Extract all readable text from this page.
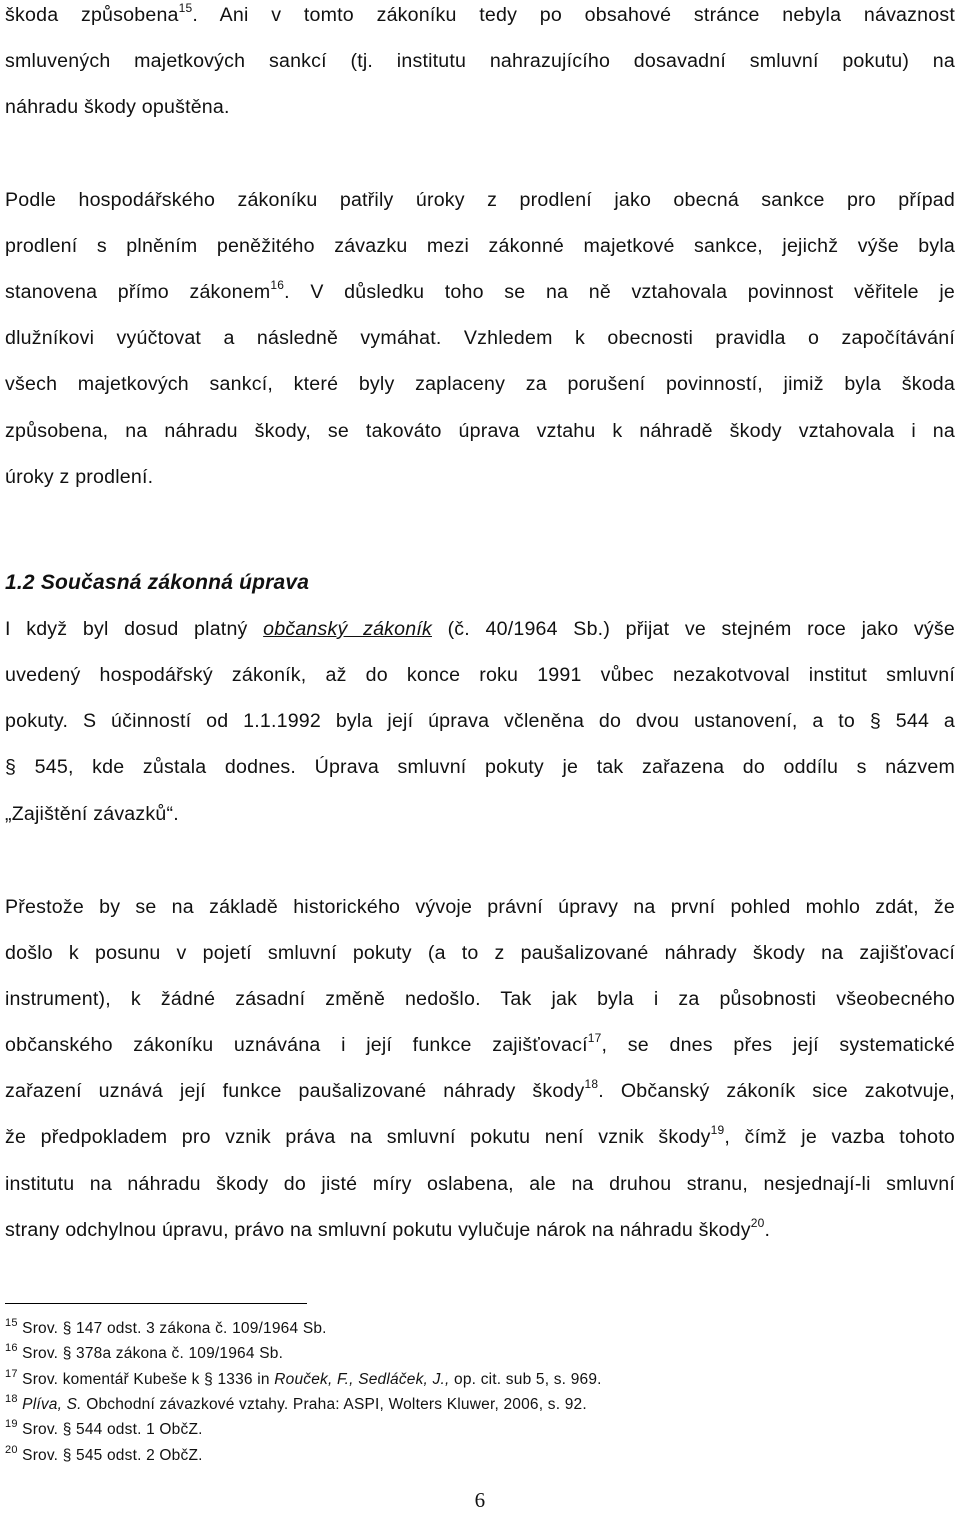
škoda způsobena$^{15}$. Ani v tomto zákoníku tedy po obsahové stránce nebyla návaznost
smluvených majetkových sankcí (tj. institutu nahrazujícího dosavadní smluvní pokutu) na
náhradu škody opuštěna.
Podle hospodářského zákoníku patřily úroky z prodlení jako obecná sankce pro případ
prodlení s plněním peněžitého závazku mezi zákonné majetkové sankce, jejichž výše byla
stanovena přímo zákonem$^{16}$. V důsledku toho se na ně vztahovala povinnost věřitele je
dlužníkovi vyúčtovat a následně vymáhat. Vzhledem k obecnosti pravidla o započítávání
všech majetkových sankcí, které byly zaplaceny za porušení povinností, jimiž byla škoda
způsobena, na náhradu škody, se takováto úprava vztahu k náhradě škody vztahovala i na
úroky z prodlení.
1.2 Současná zákonná úprava
I když byl dosud platný občanský zákoník (č. 40/1964 Sb.) přijat ve stejném roce jako výše
uvedený hospodářský zákoník, až do konce roku 1991 vůbec nezakotvoval institut smluvní
pokuty. S účinností od 1.1.1992 byla její úprava včleněna do dvou ustanovení, a to § 544 a
§ 545, kde zůstala dodnes. Úprava smluvní pokuty je tak zařazena do oddílu s názvem
„Zajištění závazků“.
Přestože by se na základě historického vývoje právní úpravy na první pohled mohlo zdát, že
došlo k posunu v pojetí smluvní pokuty (a to z paušalizované náhrady škody na zajišťovací
instrument), k žádné zásadní změně nedošlo. Tak jak byla i za působnosti všeobecného
občanského zákoníku uznávána i její funkce zajišťovací$^{17}$, se dnes přes její systematické
zařazení uznává její funkce paušalizované náhrady škody$^{18}$. Občanský zákoník sice zakotvuje,
že předpokladem pro vznik práva na smluvní pokutu není vznik škody$^{19}$, čímž je vazba tohoto
institutu na náhradu škody do jisté míry oslabena, ale na druhou stranu, nesjednají-li smluvní
strany odchylnou úpravu, právo na smluvní pokutu vylučuje nárok na náhradu škody$^{20}$.
$^{15}$ Srov. § 147 odst. 3 zákona č. 109/1964 Sb.
$^{16}$ Srov. § 378a zákona č. 109/1964 Sb.
$^{17}$ Srov. komentář Kubeše k § 1336 in Rouček, F., Sedláček, J., op. cit. sub 5, s. 969.
$^{18}$ Plíva, S. Obchodní závazkové vztahy. Praha: ASPI, Wolters Kluwer, 2006, s. 92.
$^{19}$ Srov. § 544 odst. 1 ObčZ.
$^{20}$ Srov. § 545 odst. 2 ObčZ.
6
